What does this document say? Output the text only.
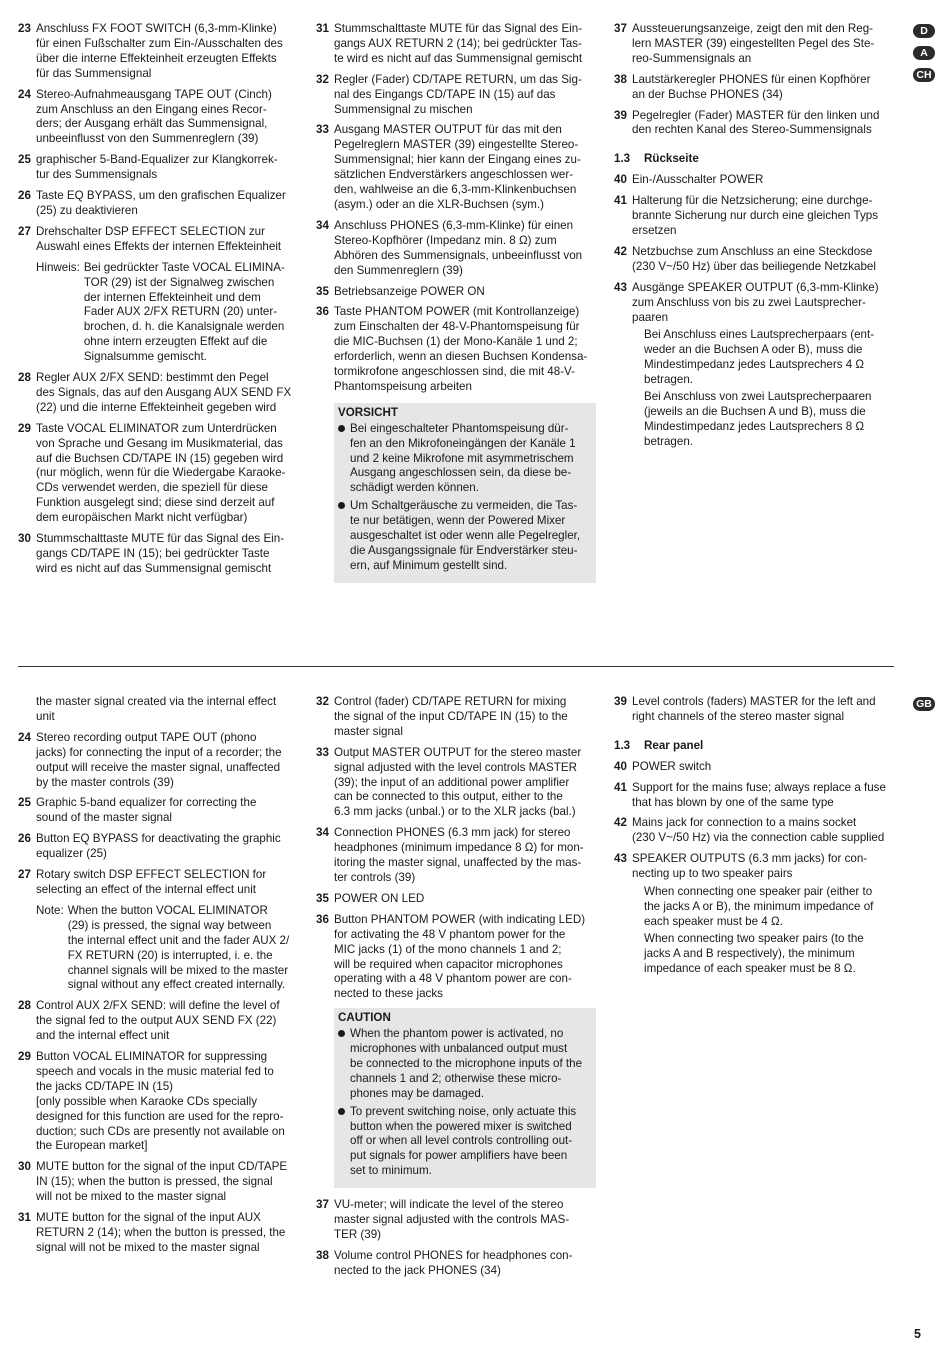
23 Anschluss FX FOOT SWITCH (6,3-mm-Klinke)
für einen Fußschalter zum Ein-/Ausschalten des
über die interne Effekteinheit erzeugten Effekts
für das Summensignal
24 Stereo-Aufnahmeausgang TAPE OUT (Cinch)
zum Anschluss an den Eingang eines Recor-
ders; der Ausgang erhält das Summensignal,
unbeeinflusst von den Summenreglern (39)
25 graphischer 5-Band-Equalizer zur Klangkorrek-
tur des Summensignals
26 Taste EQ BYPASS, um den grafischen Equalizer
(25) zu deaktivieren
27 Drehschalter DSP EFFECT SELECTION zur
Auswahl eines Effekts der internen Effekteinheit
Hinweis: Bei gedrückter Taste VOCAL ELIMINA-
TOR (29) ist der Signalweg zwischen
der internen Effekteinheit und dem
Fader AUX 2/FX RETURN (20) unter-
brochen, d. h. die Kanalsignale werden
ohne intern erzeugten Effekt auf die
Signalsumme gemischt.
28 Regler AUX 2/FX SEND: bestimmt den Pegel
des Signals, das auf den Ausgang AUX SEND FX
(22) und die interne Effekteinheit gegeben wird
29 Taste VOCAL ELIMINATOR zum Unterdrücken
von Sprache und Gesang im Musikmaterial, das
auf die Buchsen CD/TAPE IN (15) gegeben wird
(nur möglich, wenn für die Wiedergabe Karaoke-
CDs verwendet werden, die speziell für diese
Funktion ausgelegt sind; diese sind derzeit auf
dem europäischen Markt nicht verfügbar)
30 Stummschalttaste MUTE für das Signal des Ein-
gangs CD/TAPE IN (15); bei gedrückter Taste
wird es nicht auf das Summensignal gemischt
31 Stummschalttaste MUTE für das Signal des Ein-
gangs AUX RETURN 2 (14); bei gedrückter Tas-
te wird es nicht auf das Summensignal gemischt
32 Regler (Fader) CD/TAPE RETURN, um das Sig-
nal des Eingangs CD/TAPE IN (15) auf das
Summensignal zu mischen
33 Ausgang MASTER OUTPUT für das mit den
Pegelreglern MASTER (39) eingestellte Stereo-
Summensignal; hier kann der Eingang eines zu-
sätzlichen Endverstärkers angeschlossen wer-
den, wahlweise an die 6,3-mm-Klinkenbuchsen
(asym.) oder an die XLR-Buchsen (sym.)
34 Anschluss PHONES (6,3-mm-Klinke) für einen
Stereo-Kopfhörer (Impedanz min. 8 Ω) zum
Abhören des Summensignals, unbeeinflusst von
den Summenreglern (39)
35 Betriebsanzeige POWER ON
36 Taste PHANTOM POWER (mit Kontrollanzeige)
zum Einschalten der 48-V-Phantomspeisung für
die MIC-Buchsen (1) der Mono-Kanäle 1 und 2;
erforderlich, wenn an diesen Buchsen Kondensa-
tormikrofone angeschlossen sind, die mit 48-V-
Phantomspeisung arbeiten
VORSICHT
Bei eingeschalteter Phantomspeisung dür-
fen an den Mikrofoneingängen der Kanäle 1
und 2 keine Mikrofone mit asymmetrischem
Ausgang angeschlossen sein, da diese be-
schädigt werden können.
Um Schaltgeräusche zu vermeiden, die Tas-
te nur betätigen, wenn der Powered Mixer
ausgeschaltet ist oder wenn alle Pegelregler,
die Ausgangssignale für Endverstärker steu-
ern, auf Minimum gestellt sind.
37 Aussteuerungsanzeige, zeigt den mit den Reg-
lern MASTER (39) eingestellten Pegel des Ste-
reo-Summensignals an
38 Lautstärkeregler PHONES für einen Kopfhörer
an der Buchse PHONES (34)
39 Pegelregler (Fader) MASTER für den linken und
den rechten Kanal des Stereo-Summensignals
1.3 Rückseite
40 Ein-/Ausschalter POWER
41 Halterung für die Netzsicherung; eine durchge-
brannte Sicherung nur durch eine gleichen Typs
ersetzen
42 Netzbuchse zum Anschluss an eine Steckdose
(230 V~/50 Hz) über das beiliegende Netzkabel
43 Ausgänge SPEAKER OUTPUT (6,3-mm-Klinke)
zum Anschluss von bis zu zwei Lautsprecher-
paaren
Bei Anschluss eines Lautsprecherpaars (ent-
weder an die Buchsen A oder B), muss die
Mindestimpedanz jedes Lautsprechers 4 Ω
betragen.
Bei Anschluss von zwei Lautsprecherpaaren
(jeweils an die Buchsen A und B), muss die
Mindestimpedanz jedes Lautsprechers 8 Ω
betragen.
the master signal created via the internal effect
unit
24 Stereo recording output TAPE OUT (phono
jacks) for connecting the input of a recorder; the
output will receive the master signal, unaffected
by the master controls (39)
25 Graphic 5-band equalizer for correcting the
sound of the master signal
26 Button EQ BYPASS for deactivating the graphic
equalizer (25)
27 Rotary switch DSP EFFECT SELECTION for
selecting an effect of the internal effect unit
Note: When the button VOCAL ELIMINATOR
(29) is pressed, the signal way between
the internal effect unit and the fader AUX 2/
FX RETURN (20) is interrupted, i. e. the
channel signals will be mixed to the master
signal without any effect created internally.
28 Control AUX 2/FX SEND: will define the level of
the signal fed to the output AUX SEND FX (22)
and the internal effect unit
29 Button VOCAL ELIMINATOR for suppressing
speech and vocals in the music material fed to
the jacks CD/TAPE IN (15)
[only possible when Karaoke CDs specially
designed for this function are used for the repro-
duction; such CDs are presently not available on
the European market]
30 MUTE button for the signal of the input CD/TAPE
IN (15); when the button is pressed, the signal
will not be mixed to the master signal
31 MUTE button for the signal of the input AUX
RETURN 2 (14); when the button is pressed, the
signal will not be mixed to the master signal
32 Control (fader) CD/TAPE RETURN for mixing
the signal of the input CD/TAPE IN (15) to the
master signal
33 Output MASTER OUTPUT for the stereo master
signal adjusted with the level controls MASTER
(39); the input of an additional power amplifier
can be connected to this output, either to the
6.3 mm jacks (unbal.) or to the XLR jacks (bal.)
34 Connection PHONES (6.3 mm jack) for stereo
headphones (minimum impedance 8 Ω) for mon-
itoring the master signal, unaffected by the mas-
ter controls (39)
35 POWER ON LED
36 Button PHANTOM POWER (with indicating LED)
for activating the 48 V phantom power for the
MIC jacks (1) of the mono channels 1 and 2;
will be required when capacitor microphones
operating with a 48 V phantom power are con-
nected to these jacks
CAUTION
When the phantom power is activated, no
microphones with unbalanced output must
be connected to the microphone inputs of the
channels 1 and 2; otherwise these micro-
phones may be damaged.
To prevent switching noise, only actuate this
button when the powered mixer is switched
off or when all level controls controlling out-
put signals for power amplifiers have been
set to minimum.
37 VU-meter; will indicate the level of the stereo
master signal adjusted with the controls MAS-
TER (39)
38 Volume control PHONES for headphones con-
nected to the jack PHONES (34)
39 Level controls (faders) MASTER for the left and
right channels of the stereo master signal
1.3 Rear panel
40 POWER switch
41 Support for the mains fuse; always replace a fuse
that has blown by one of the same type
42 Mains jack for connection to a mains socket
(230 V~/50 Hz) via the connection cable supplied
43 SPEAKER OUTPUTS (6.3 mm jacks) for con-
necting up to two speaker pairs
When connecting one speaker pair (either to
the jacks A or B), the minimum impedance of
each speaker must be 4 Ω.
When connecting two speaker pairs (to the
jacks A and B respectively), the minimum
impedance of each speaker must be 8 Ω.
D
A
CH
GB
5
